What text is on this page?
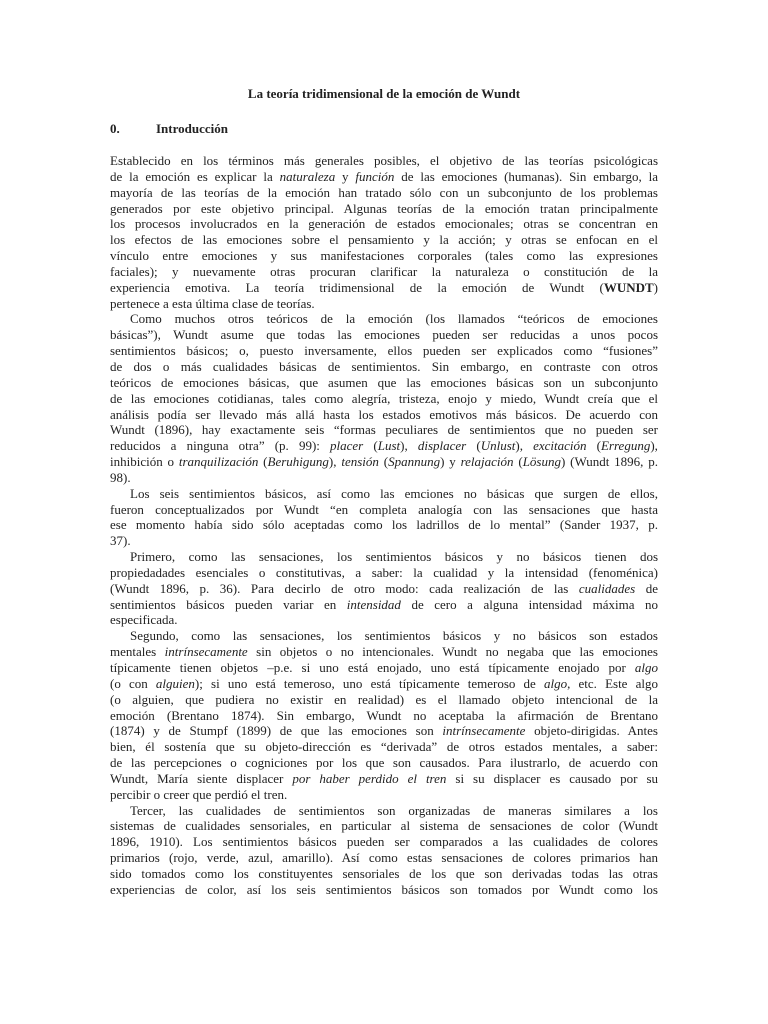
La teoría tridimensional de la emoción de Wundt
0.	Introducción
Establecido en los términos más generales posibles, el objetivo de las teorías psicológicas
de la emoción es explicar la naturaleza y función de las emociones (humanas). Sin embargo, la
mayoría de las teorías de la emoción han tratado sólo con un subconjunto de los problemas
generados por este objetivo principal. Algunas teorías de la emoción tratan principalmente
los procesos involucrados en la generación de estados emocionales; otras se concentran en
los efectos de las emociones sobre el pensamiento y la acción; y otras se enfocan en el
vínculo entre emociones y sus manifestaciones corporales (tales como las expresiones
faciales); y nuevamente otras procuran clarificar la naturaleza o constitución de la
experiencia emotiva. La teoría tridimensional de la emoción de Wundt (WUNDT)
pertenece a esta última clase de teorías.
Como muchos otros teóricos de la emoción (los llamados “teóricos de emociones
básicas”), Wundt asume que todas las emociones pueden ser reducidas a unos pocos
sentimientos básicos; o, puesto inversamente, ellos pueden ser explicados como “fusiones”
de dos o más cualidades básicas de sentimientos. Sin embargo, en contraste con otros
teóricos de emociones básicas, que asumen que las emociones básicas son un subconjunto
de las emociones cotidianas, tales como alegría, tristeza, enojo y miedo, Wundt creía que el
análisis podía ser llevado más allá hasta los estados emotivos más básicos. De acuerdo con
Wundt (1896), hay exactamente seis “formas peculiares de sentimientos que no pueden ser
reducidos a ninguna otra” (p. 99): placer (Lust), displacer (Unlust), excitación (Erregung),
inhibición o tranquilización (Beruhigung), tensión (Spannung) y relajación (Lösung) (Wundt 1896, p.
98).
Los seis sentimientos básicos, así como las emciones no básicas que surgen de ellos,
fueron conceptualizados por Wundt “en completa analogía con las sensaciones que hasta
ese momento había sido sólo aceptadas como los ladrillos de lo mental” (Sander 1937, p.
37).
Primero, como las sensaciones, los sentimientos básicos y no básicos tienen dos
propiedadades esenciales o constitutivas, a saber: la cualidad y la intensidad (fenoménica)
(Wundt 1896, p. 36). Para decirlo de otro modo: cada realización de las cualidades de
sentimientos básicos pueden variar en intensidad de cero a alguna intensidad máxima no
especificada.
Segundo, como las sensaciones, los sentimientos básicos y no básicos son estados
mentales intrínsecamente sin objetos o no intencionales. Wundt no negaba que las emociones
típicamente tienen objetos –p.e. si uno está enojado, uno está típicamente enojado por algo
(o con alguien); si uno está temeroso, uno está típicamente temeroso de algo, etc. Este algo
(o alguien, que pudiera no existir en realidad) es el llamado objeto intencional de la
emoción (Brentano 1874). Sin embargo, Wundt no aceptaba la afirmación de Brentano
(1874) y de Stumpf (1899) de que las emociones son intrínsecamente objeto-dirigidas. Antes
bien, él sostenía que su objeto-dirección es “derivada” de otros estados mentales, a saber:
de las percepciones o cogniciones por los que son causados. Para ilustrarlo, de acuerdo con
Wundt, María siente displacer por haber perdido el tren si su displacer es causado por su
percibir o creer que perdió el tren.
Tercer, las cualidades de sentimientos son organizadas de maneras similares a los
sistemas de cualidades sensoriales, en particular al sistema de sensaciones de color (Wundt
1896, 1910). Los sentimientos básicos pueden ser comparados a las cualidades de colores
primarios (rojo, verde, azul, amarillo). Así como estas sensaciones de colores primarios han
sido tomados como los constituyentes sensoriales de los que son derivadas todas las otras
experiencias de color, así los seis sentimientos básicos son tomados por Wundt como los
